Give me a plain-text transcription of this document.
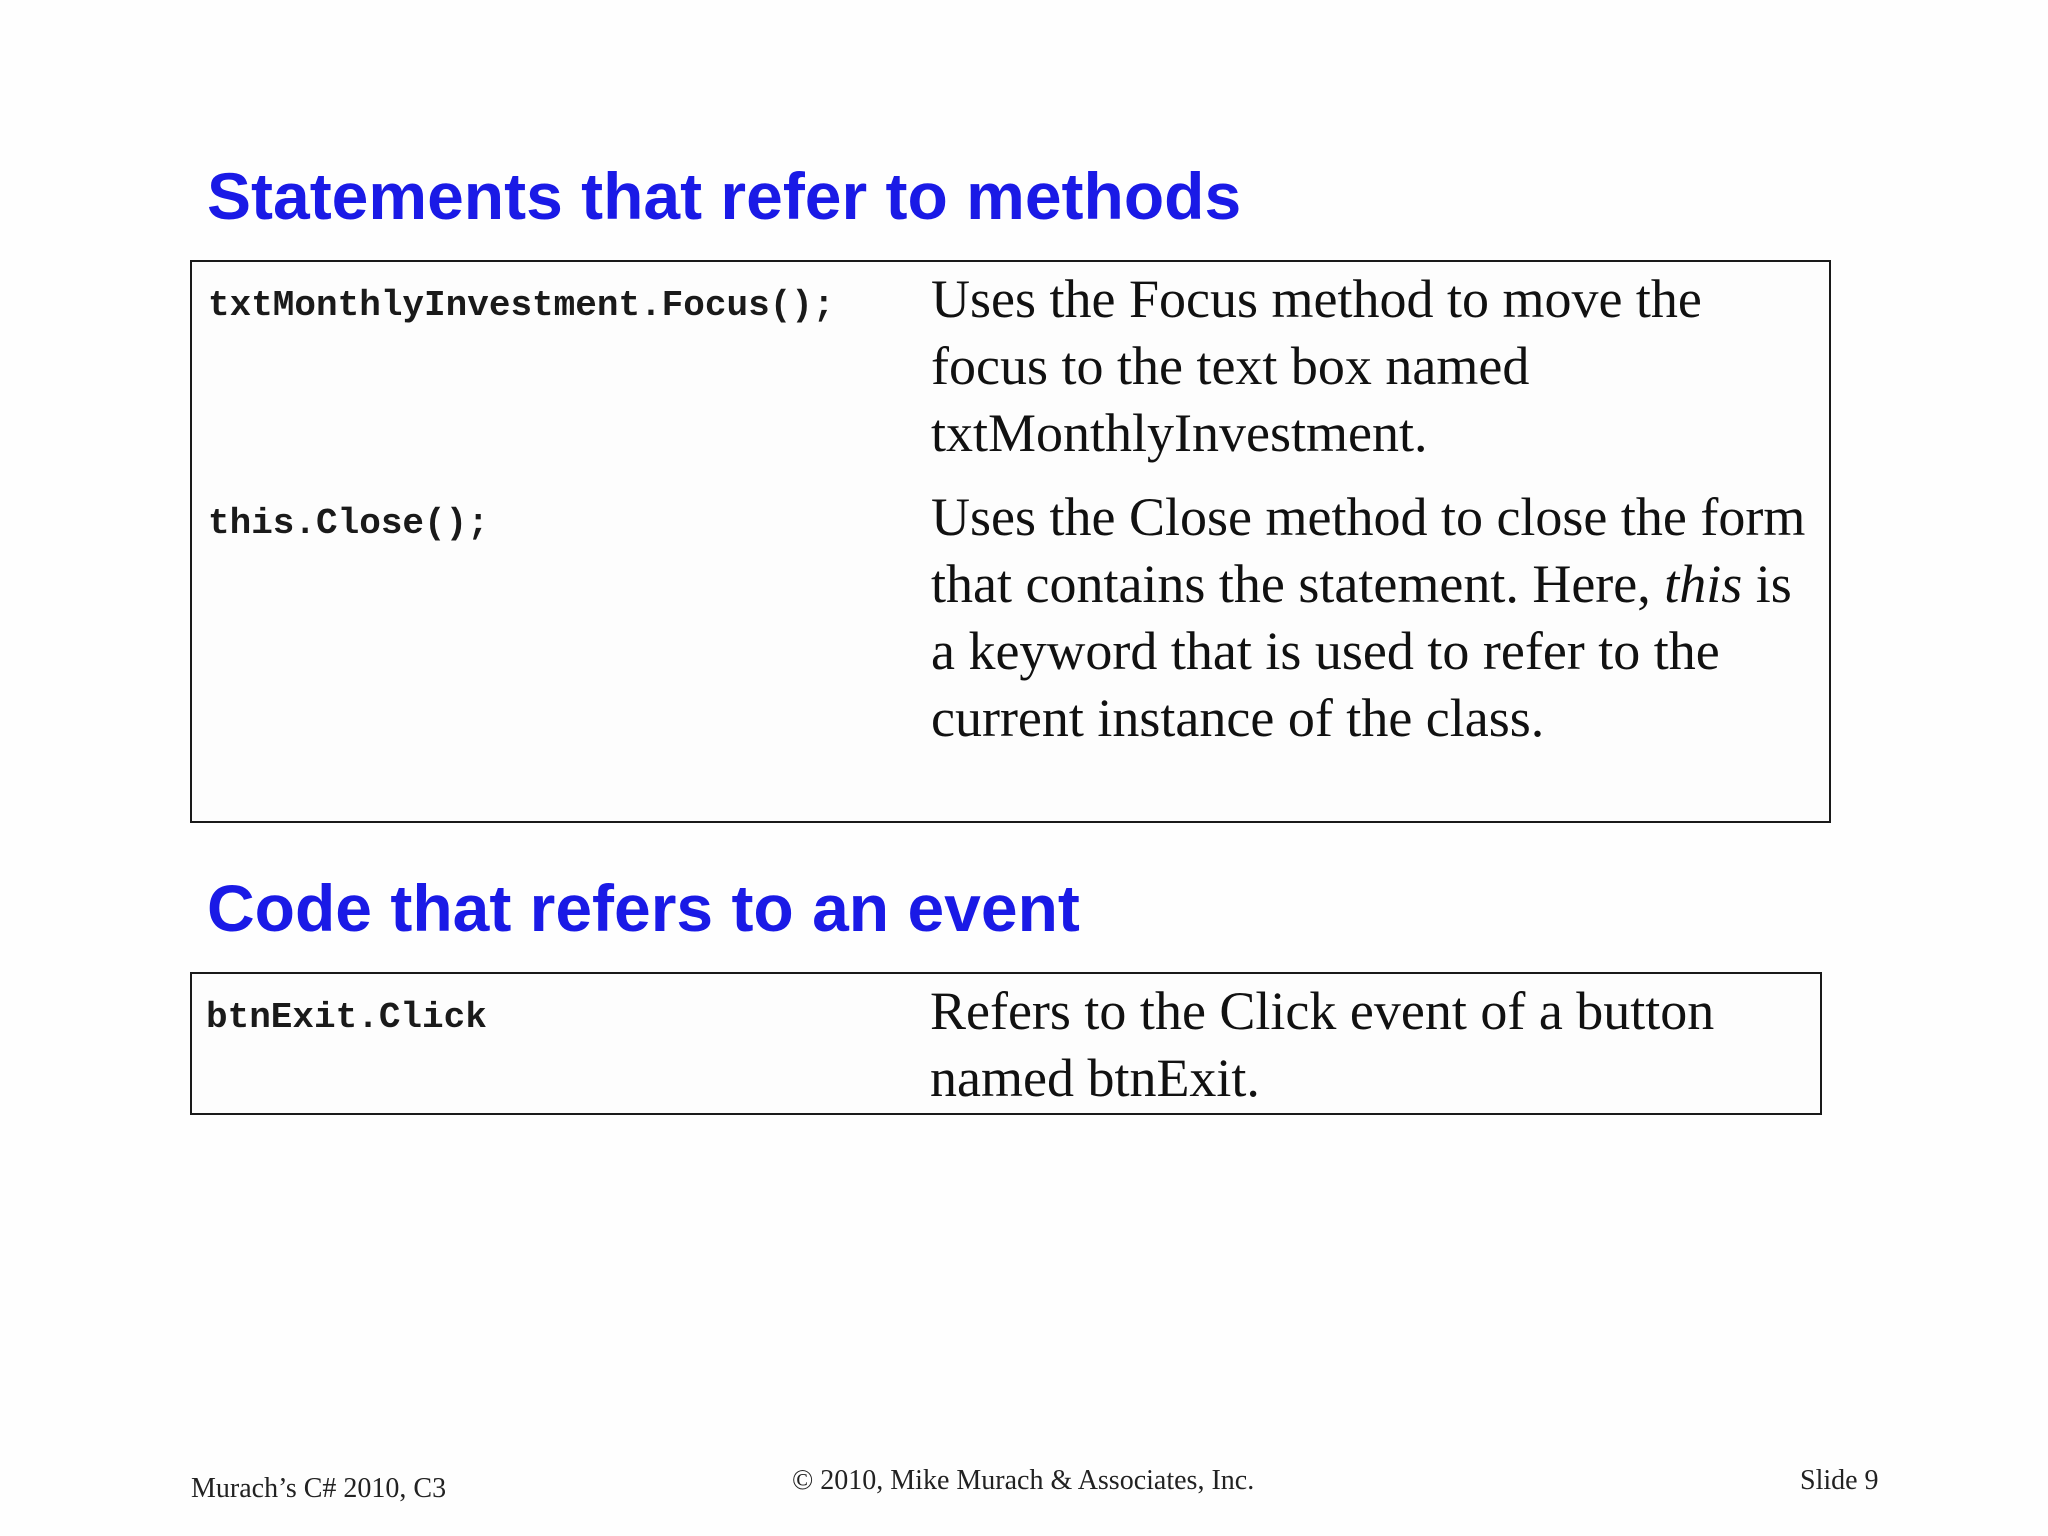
Statements that refer to methods
txtMonthlyInvestment.Focus(); Uses the Focus method to move the focus to the text box named txtMonthlyInvestment.
this.Close();	Uses the Close method to close the form that contains the statement. Here, this is a keyword that is used to refer to the current instance of the class.
Code that refers to an event
btnExit.Click	Refers to the Click event of a button named btnExit.
Murach’s C# 2010, C3	© 2010, Mike Murach & Associates, Inc.	Slide 9
